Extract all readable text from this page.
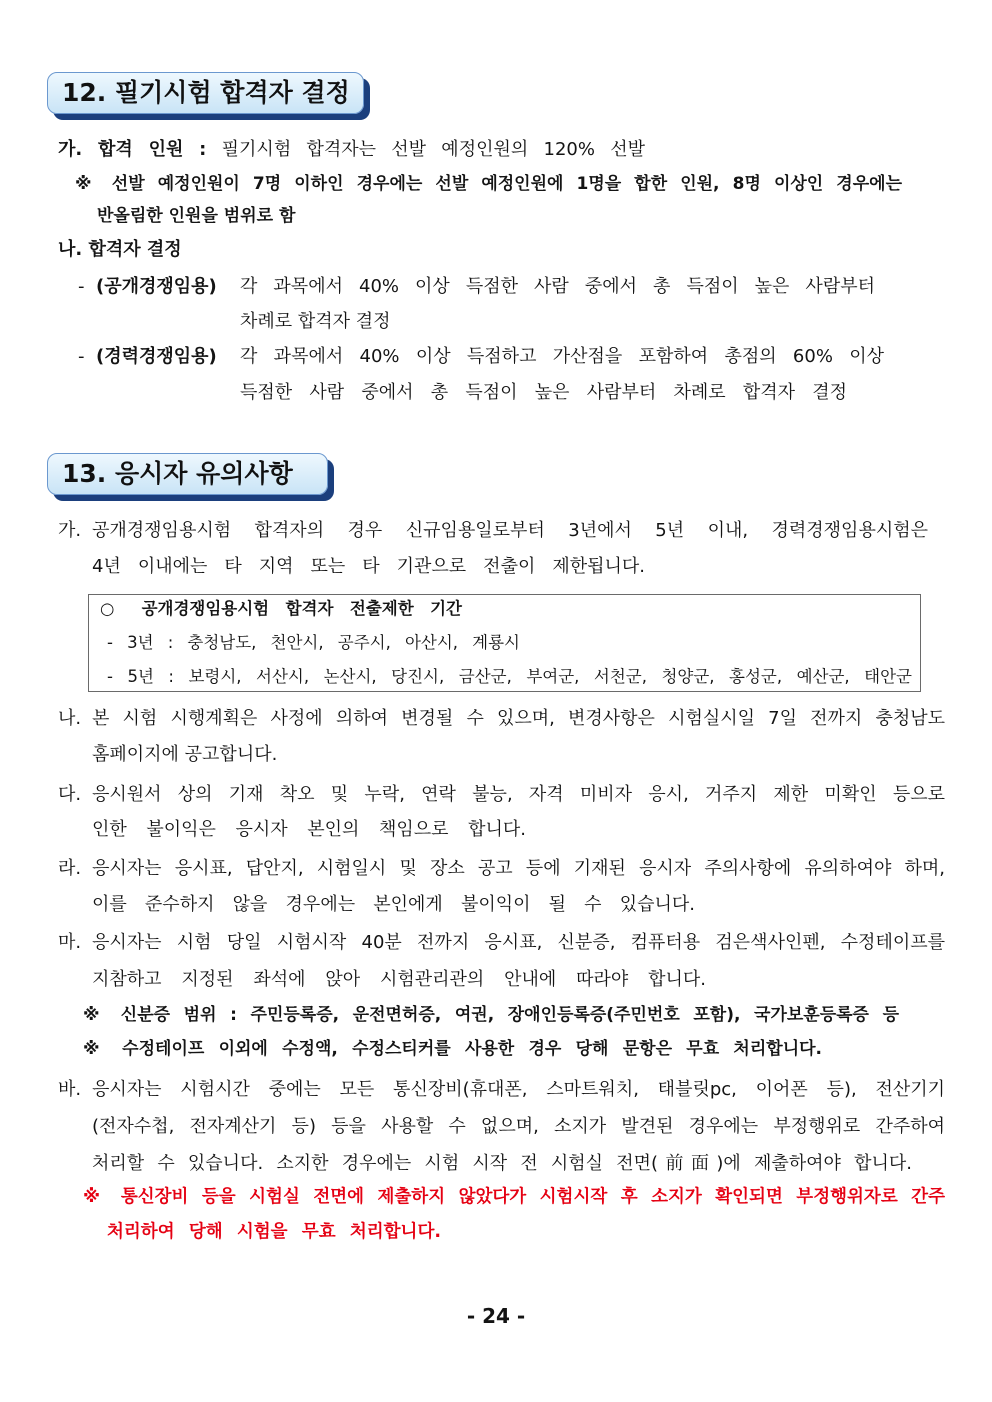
12. 필기시험 합격자 결정
가. 합격 인원 : 필기시험 합격자는 선발 예정인원의 120% 선발
※ 선발 예정인원이 7명 이하인 경우에는 선발 예정인원에 1명을 합한 인원, 8명 이상인 경우에는
반올림한 인원을 범위로 함
나. 합격자 결정
- (공개경쟁임용) 각 과목에서 40% 이상 득점한 사람 중에서 총 득점이 높은 사람부터
차례로 합격자 결정
- (경력경쟁임용) 각 과목에서 40% 이상 득점하고 가산점을 포함하여 총점의 60% 이상
득점한 사람 중에서 총 득점이 높은 사람부터 차례로 합격자 결정
13. 응시자 유의사항
가. 공개경쟁임용시험 합격자의 경우 신규임용일로부터 3년에서 5년 이내, 경력경쟁임용시험은
4년 이내에는 타 지역 또는 타 기관으로 전출이 제한됩니다.
○ 공개경쟁임용시험 합격자 전출제한 기간
- 3년 : 충청남도, 천안시, 공주시, 아산시, 계룡시
- 5년 : 보령시, 서산시, 논산시, 당진시, 금산군, 부여군, 서천군, 청양군, 홍성군, 예산군, 태안군
나. 본 시험 시행계획은 사정에 의하여 변경될 수 있으며, 변경사항은 시험실시일 7일 전까지 충청남도
홈페이지에 공고합니다.
다. 응시원서 상의 기재 착오 및 누락, 연락 불능, 자격 미비자 응시, 거주지 제한 미확인 등으로
인한 불이익은 응시자 본인의 책임으로 합니다.
라. 응시자는 응시표, 답안지, 시험일시 및 장소 공고 등에 기재된 응시자 주의사항에 유의하여야 하며,
이를 준수하지 않을 경우에는 본인에게 불이익이 될 수 있습니다.
마. 응시자는 시험 당일 시험시작 40분 전까지 응시표, 신분증, 컴퓨터용 검은색사인펜, 수정테이프를
지참하고 지정된 좌석에 앉아 시험관리관의 안내에 따라야 합니다.
※ 신분증 범위 : 주민등록증, 운전면허증, 여권, 장애인등록증(주민번호 포함), 국가보훈등록증 등
※ 수정테이프 이외에 수정액, 수정스티커를 사용한 경우 당해 문항은 무효 처리합니다.
바. 응시자는 시험시간 중에는 모든 통신장비(휴대폰, 스마트워치, 태블릿pc, 이어폰 등), 전산기기
(전자수첩, 전자계산기 등) 등을 사용할 수 없으며, 소지가 발견된 경우에는 부정행위로 간주하여
처리할 수 있습니다. 소지한 경우에는 시험 시작 전 시험실 전면(前面)에 제출하여야 합니다.
※ 통신장비 등을 시험실 전면에 제출하지 않았다가 시험시작 후 소지가 확인되면 부정행위자로 간주
처리하여 당해 시험을 무효 처리합니다.
- 24 -
